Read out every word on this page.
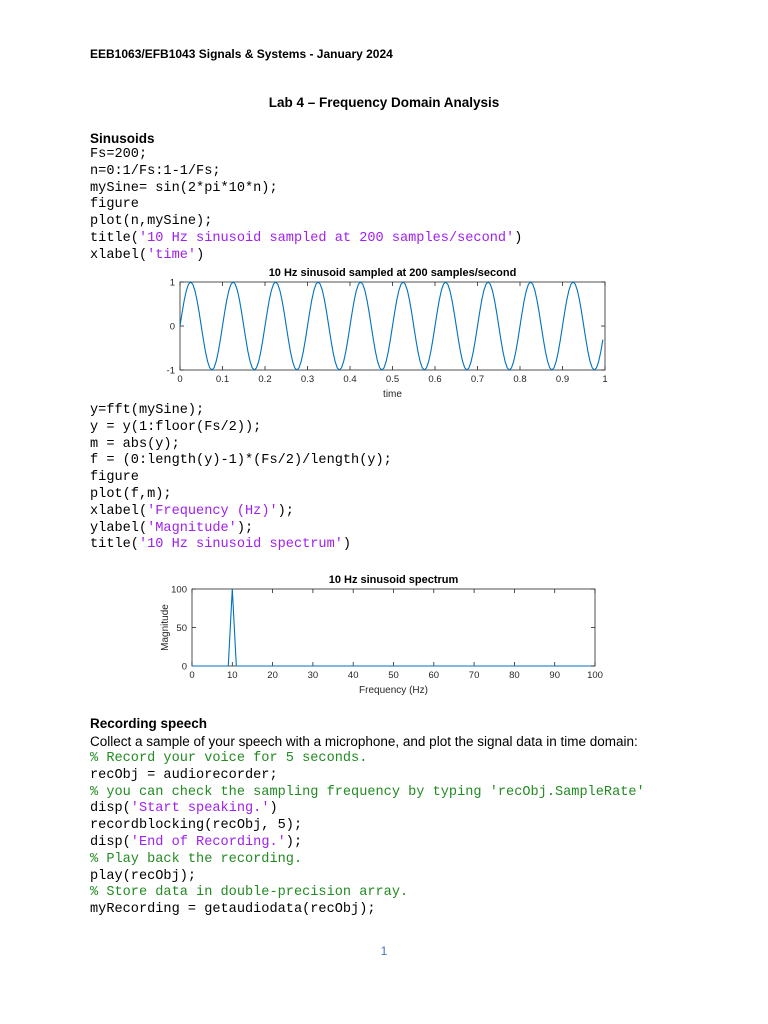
EEB1063/EFB1043 Signals & Systems - January 2024
Lab 4 – Frequency Domain Analysis
Sinusoids
Fs=200;
n=0:1/Fs:1-1/Fs;
mySine= sin(2*pi*10*n);
figure
plot(n,mySine);
title('10 Hz sinusoid sampled at 200 samples/second')
xlabel('time')
10 Hz sinusoid sampled at 200 samples/second
0	0.1	0.2	0.3	0.4	0.5	0.6	0.7	0.8	0.9	1
-1
0
1
time
y=fft(mySine);
y = y(1:floor(Fs/2));
m = abs(y);
f = (0:length(y)-1)*(Fs/2)/length(y);
figure
plot(f,m);
xlabel('Frequency (Hz)');
ylabel('Magnitude');
title('10 Hz sinusoid spectrum')
10 Hz sinusoid spectrum
0	10	20	30	40	50	60	70	80	90	100
0
50
100
Frequency (Hz)
Magnitude
Recording speech
Collect a sample of your speech with a microphone, and plot the signal data in time domain:
% Record your voice for 5 seconds.
recObj = audiorecorder;
% you can check the sampling frequency by typing 'recObj.SampleRate'
disp('Start speaking.')
recordblocking(recObj, 5);
disp('End of Recording.');
% Play back the recording.
play(recObj);
% Store data in double-precision array.
myRecording = getaudiodata(recObj);
1
